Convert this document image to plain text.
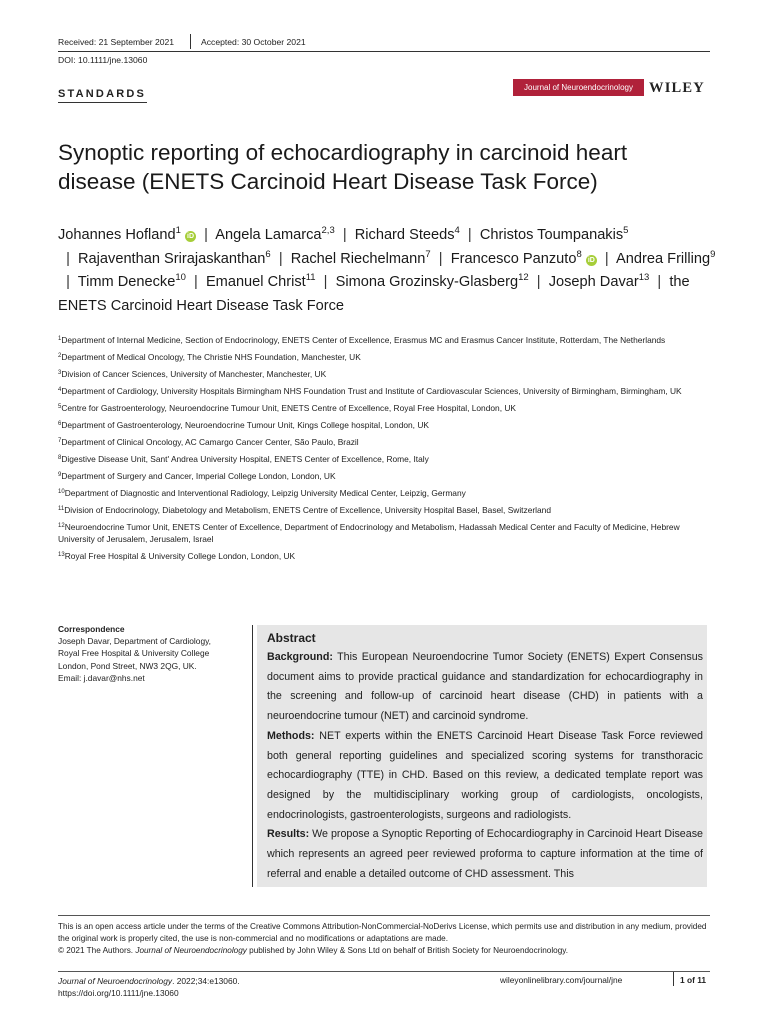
Received: 21 September 2021	Accepted: 30 October 2021
DOI: 10.1111/jne.13060
STANDARDS
Journal of Neuroendocrinology	WILEY
Synoptic reporting of echocardiography in carcinoid heart disease (ENETS Carcinoid Heart Disease Task Force)
Johannes Hofland$^1$ iD  |  Angela Lamarca$^{2,3}$  |  Richard Steeds$^4$  |  Christos Toumpanakis$^5$  |  Rajaventhan Srirajaskanthan$^6$  |  Rachel Riechelmann$^7$  |  Francesco Panzuto$^8$ iD  |  Andrea Frilling$^9$  |  Timm Denecke$^{10}$  |  Emanuel Christ$^{11}$  |  Simona Grozinsky-Glasberg$^{12}$  |  Joseph Davar$^{13}$  |  the ENETS Carcinoid Heart Disease Task Force
$^1$Department of Internal Medicine, Section of Endocrinology, ENETS Center of Excellence, Erasmus MC and Erasmus Cancer Institute, Rotterdam, The Netherlands
$^2$Department of Medical Oncology, The Christie NHS Foundation, Manchester, UK
$^3$Division of Cancer Sciences, University of Manchester, Manchester, UK
$^4$Department of Cardiology, University Hospitals Birmingham NHS Foundation Trust and Institute of Cardiovascular Sciences, University of Birmingham, Birmingham, UK
$^5$Centre for Gastroenterology, Neuroendocrine Tumour Unit, ENETS Centre of Excellence, Royal Free Hospital, London, UK
$^6$Department of Gastroenterology, Neuroendocrine Tumour Unit, Kings College hospital, London, UK
$^7$Department of Clinical Oncology, AC Camargo Cancer Center, São Paulo, Brazil
$^8$Digestive Disease Unit, Sant' Andrea University Hospital, ENETS Center of Excellence, Rome, Italy
$^9$Department of Surgery and Cancer, Imperial College London, London, UK
$^{10}$Department of Diagnostic and Interventional Radiology, Leipzig University Medical Center, Leipzig, Germany
$^{11}$Division of Endocrinology, Diabetology and Metabolism, ENETS Centre of Excellence, University Hospital Basel, Basel, Switzerland
$^{12}$Neuroendocrine Tumor Unit, ENETS Center of Excellence, Department of Endocrinology and Metabolism, Hadassah Medical Center and Faculty of Medicine, Hebrew University of Jerusalem, Jerusalem, Israel
$^{13}$Royal Free Hospital & University College London, London, UK
Correspondence
Joseph Davar, Department of Cardiology,
Royal Free Hospital & University College
London, Pond Street, NW3 2QG, UK.
Email: j.davar@nhs.net
Abstract
Background: This European Neuroendocrine Tumor Society (ENETS) Expert Consensus document aims to provide practical guidance and standardization for echocardiography in the screening and follow-up of carcinoid heart disease (CHD) in patients with a neuroendocrine tumour (NET) and carcinoid syndrome.
Methods: NET experts within the ENETS Carcinoid Heart Disease Task Force reviewed both general reporting guidelines and specialized scoring systems for transthoracic echocardiography (TTE) in CHD. Based on this review, a dedicated template report was designed by the multidisciplinary working group of cardiologists, oncologists, endocrinologists, gastroenterologists, surgeons and radiologists.
Results: We propose a Synoptic Reporting of Echocardiography in Carcinoid Heart Disease which represents an agreed peer reviewed proforma to capture information at the time of referral and enable a detailed outcome of CHD assessment. This
This is an open access article under the terms of the Creative Commons Attribution-NonCommercial-NoDerivs License, which permits use and distribution in any medium, provided the original work is properly cited, the use is non-commercial and no modifications or adaptations are made.
© 2021 The Authors. Journal of Neuroendocrinology published by John Wiley & Sons Ltd on behalf of British Society for Neuroendocrinology.
Journal of Neuroendocrinology. 2022;34:e13060.
https://doi.org/10.1111/jne.13060
wileyonlinelibrary.com/journal/jne	1 of 11
